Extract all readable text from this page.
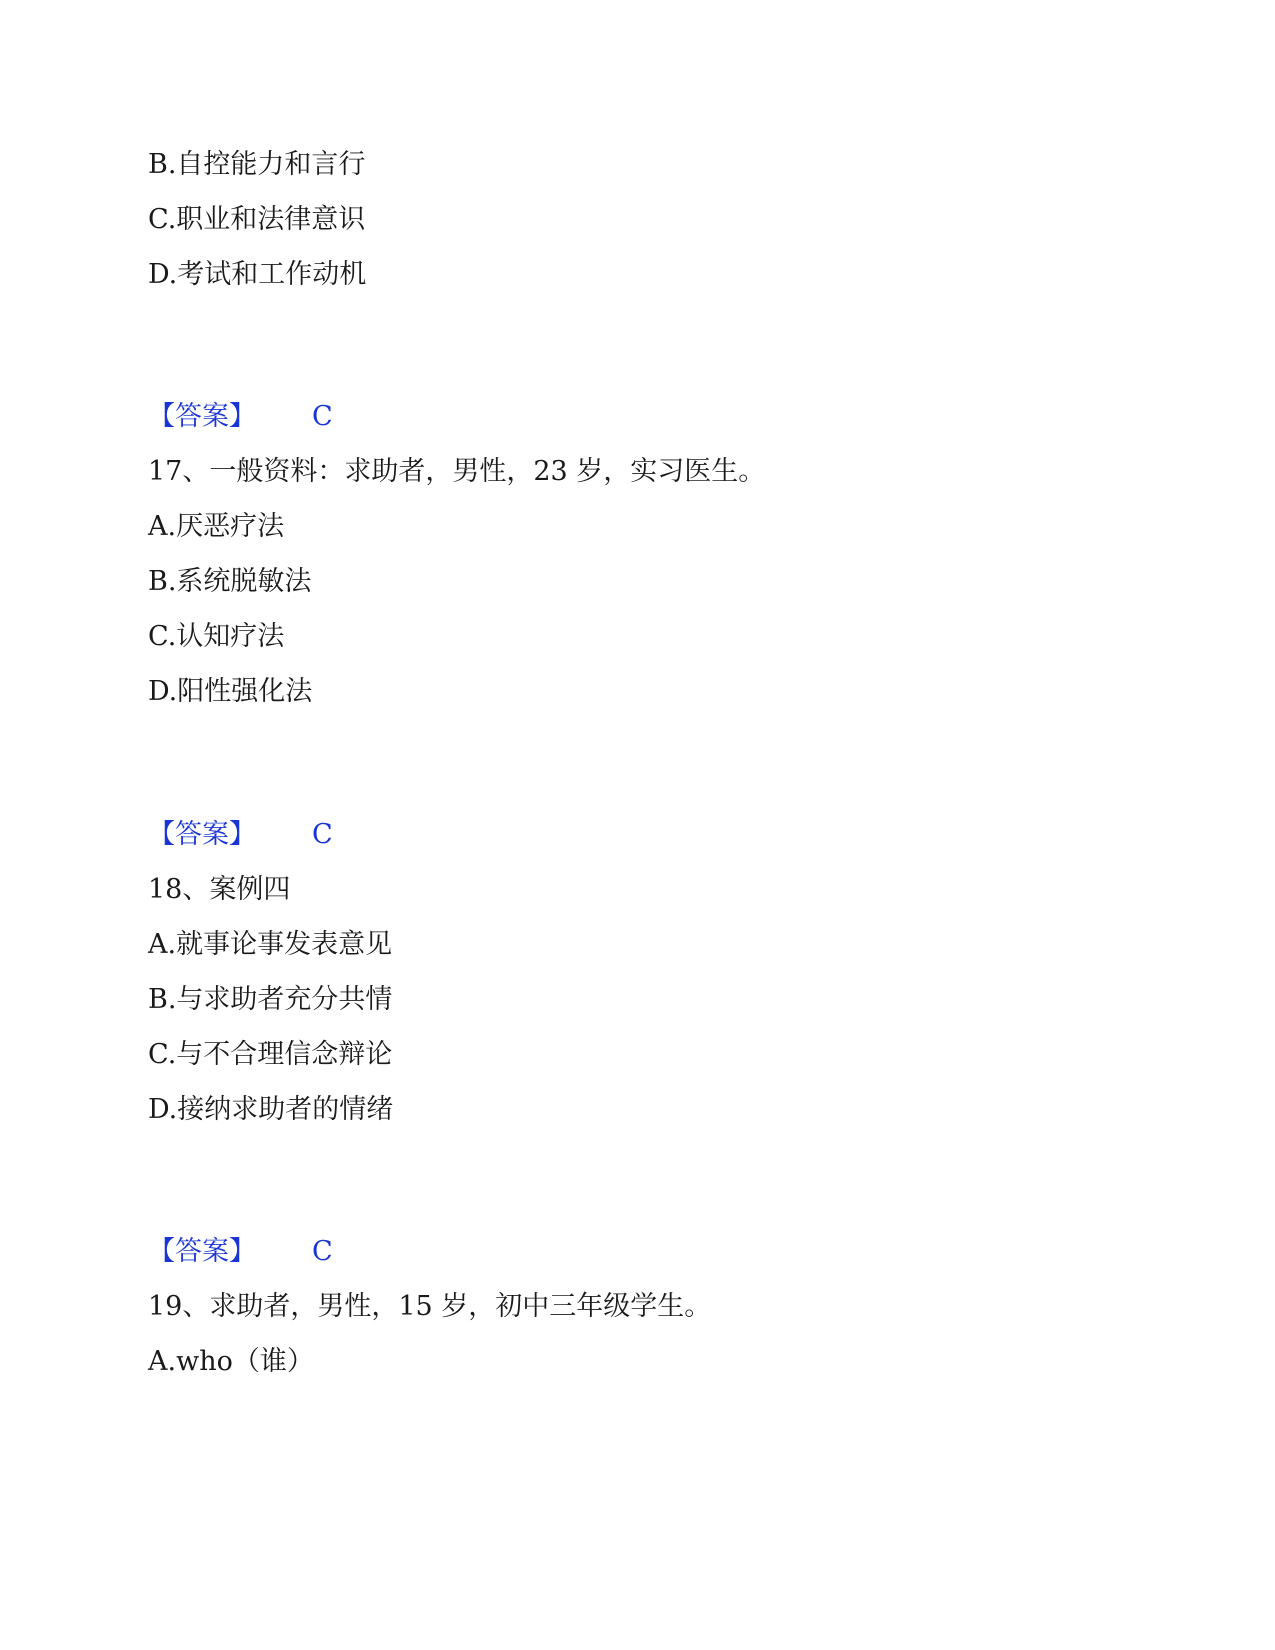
B.自控能力和言行
C.职业和法律意识
D.考试和工作动机
【答案】 C
17、一般资料：求助者，男性，23 岁，实习医生。
A.厌恶疗法
B.系统脱敏法
C.认知疗法
D.阳性强化法
【答案】 C
18、案例四
A.就事论事发表意见
B.与求助者充分共情
C.与不合理信念辩论
D.接纳求助者的情绪
【答案】 C
19、求助者，男性，15 岁，初中三年级学生。
A.who（谁）
